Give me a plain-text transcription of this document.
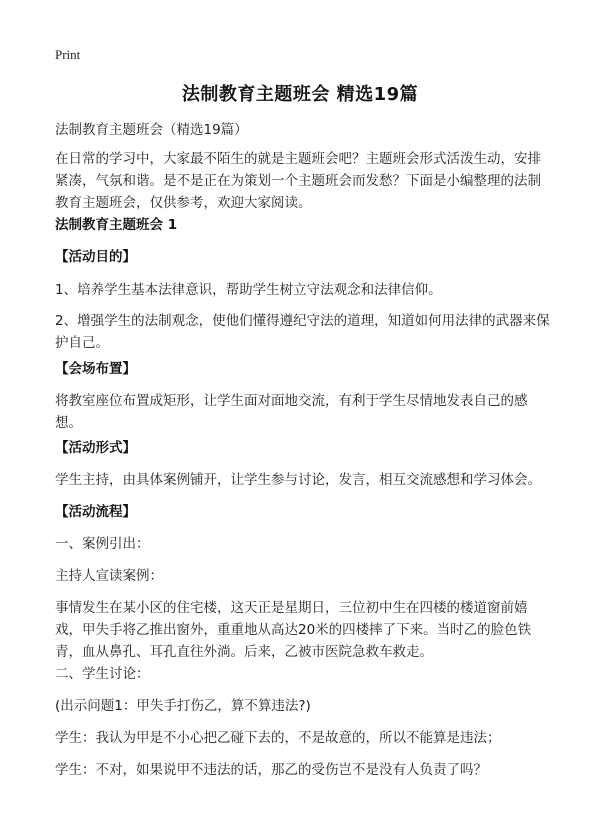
Print
法制教育主题班会 精选19篇
法制教育主题班会（精选19篇）
在日常的学习中，大家最不陌生的就是主题班会吧？主题班会形式活泼生动，安排紧凑，气氛和谐。是不是正在为策划一个主题班会而发愁？下面是小编整理的法制教育主题班会，仅供参考，欢迎大家阅读。
法制教育主题班会 1
【活动目的】
1、培养学生基本法律意识，帮助学生树立守法观念和法律信仰。
2、增强学生的法制观念，使他们懂得遵纪守法的道理，知道如何用法律的武器来保护自己。
【会场布置】
将教室座位布置成矩形，让学生面对面地交流，有利于学生尽情地发表自己的感想。
【活动形式】
学生主持，由具体案例铺开，让学生参与讨论，发言，相互交流感想和学习体会。
【活动流程】
一、案例引出：
主持人宣读案例：
事情发生在某小区的住宅楼，这天正是星期日，三位初中生在四楼的楼道窗前嬉戏，甲失手将乙推出窗外，重重地从高达20米的四楼摔了下来。当时乙的脸色铁青，血从鼻孔、耳孔直往外淌。后来，乙被市医院急救车救走。
二、学生讨论：
(出示问题1：甲失手打伤乙，算不算违法?)
学生：我认为甲是不小心把乙碰下去的，不是故意的，所以不能算是违法；
学生：不对，如果说甲不违法的话，那乙的受伤岂不是没有人负责了吗？
